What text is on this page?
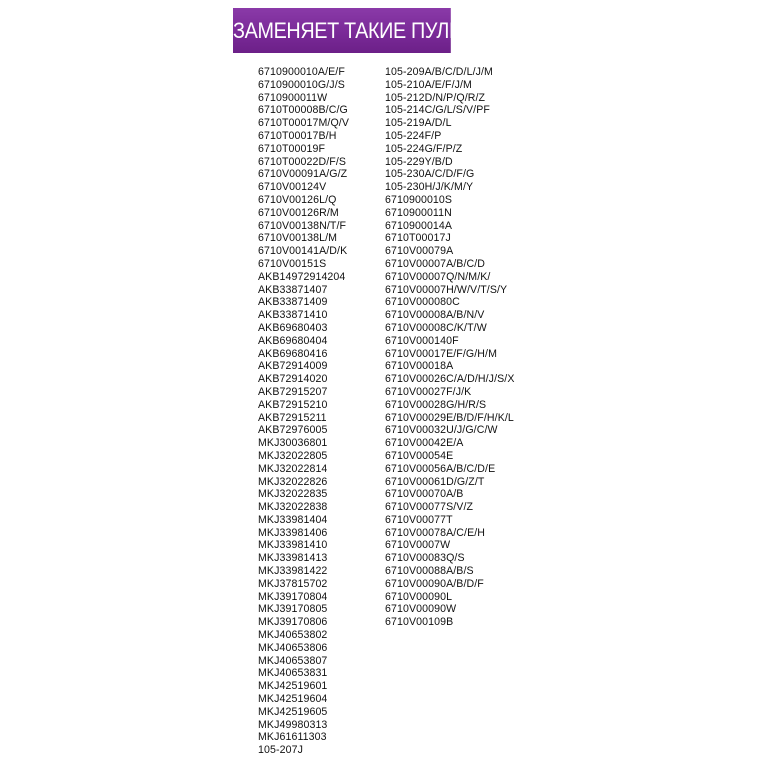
ЗАМЕНЯЕТ ТАКИЕ ПУЛЬТЫ
6710900010A/E/F
6710900010G/J/S
6710900011W
6710T00008B/C/G
6710T00017M/Q/V
6710T00017B/H
6710T00019F
6710T00022D/F/S
6710V00091A/G/Z
6710V00124V
6710V00126L/Q
6710V00126R/M
6710V00138N/T/F
6710V00138L/M
6710V00141A/D/K
6710V00151S
AKB14972914204
AKB33871407
AKB33871409
AKB33871410
AKB69680403
AKB69680404
AKB69680416
AKB72914009
AKB72914020
AKB72915207
AKB72915210
AKB72915211
AKB72976005
MKJ30036801
MKJ32022805
MKJ32022814
MKJ32022826
MKJ32022835
MKJ32022838
MKJ33981404
MKJ33981406
MKJ33981410
MKJ33981413
MKJ33981422
MKJ37815702
MKJ39170804
MKJ39170805
MKJ39170806
MKJ40653802
MKJ40653806
MKJ40653807
MKJ40653831
MKJ42519601
MKJ42519604
MKJ42519605
MKJ49980313
MKJ61611303
105-207J
105-209A/B/C/D/L/J/M
105-210A/E/F/J/M
105-212D/N/P/Q/R/Z
105-214C/G/L/S/V/PF
105-219A/D/L
105-224F/P
105-224G/F/P/Z
105-229Y/B/D
105-230A/C/D/F/G
105-230H/J/K/M/Y
6710900010S
6710900011N
6710900014A
6710T00017J
6710V00079A
6710V00007A/B/C/D
6710V00007Q/N/M/K/
6710V00007H/W/V/T/S/Y
6710V000080C
6710V00008A/B/N/V
6710V00008C/K/T/W
6710V000140F
6710V00017E/F/G/H/M
6710V00018A
6710V00026C/A/D/H/J/S/X
6710V00027F/J/K
6710V00028G/H/R/S
6710V00029E/B/D/F/H/K/L
6710V00032U/J/G/C/W
6710V00042E/A
6710V00054E
6710V00056A/B/C/D/E
6710V00061D/G/Z/T
6710V00070A/B
6710V00077S/V/Z
6710V00077T
6710V00078A/C/E/H
6710V0007W
6710V00083Q/S
6710V00088A/B/S
6710V00090A/B/D/F
6710V00090L
6710V00090W
6710V00109B
